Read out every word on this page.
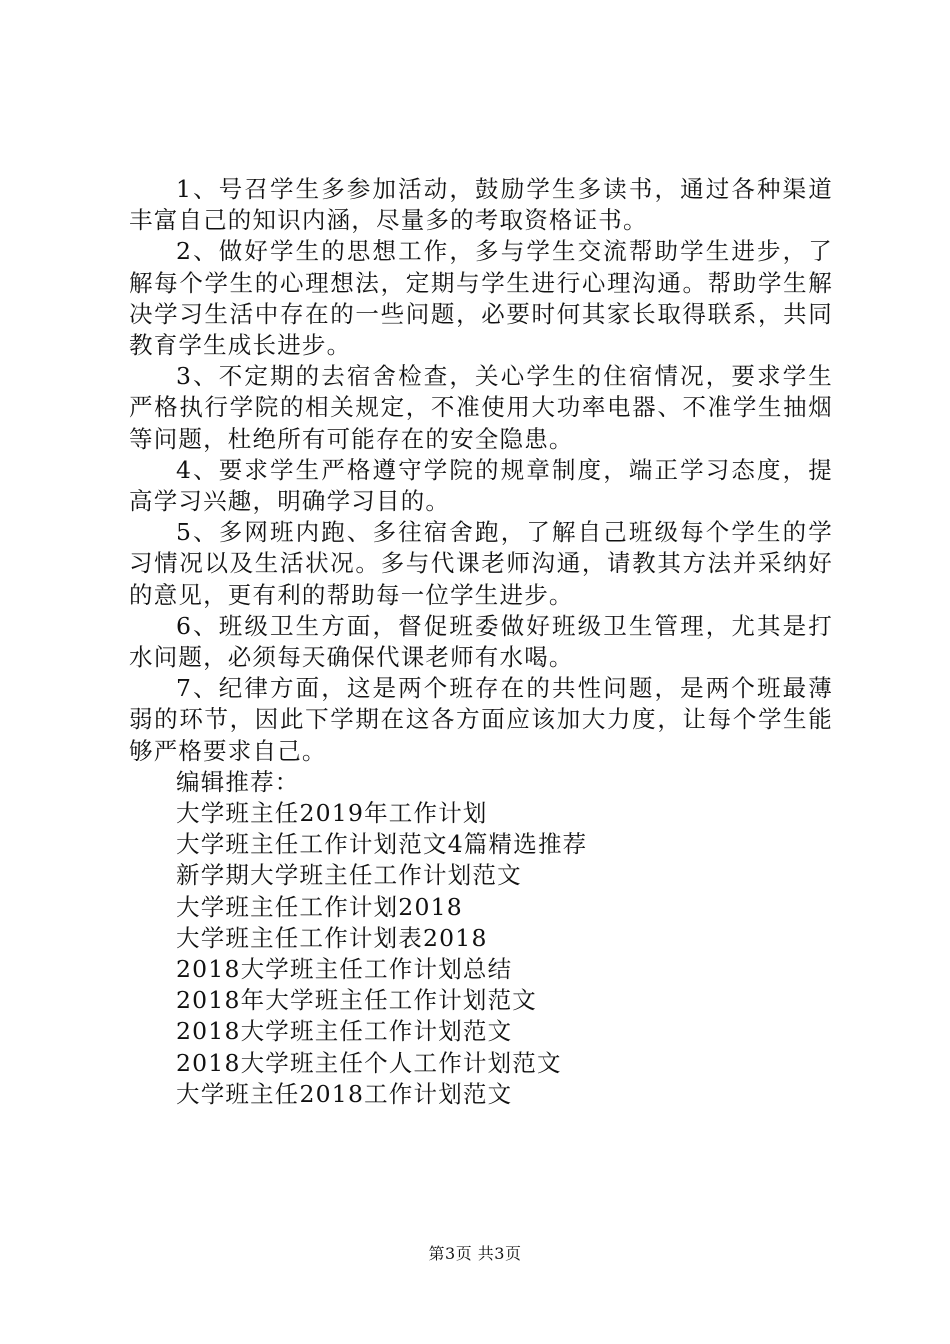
1、号召学生多参加活动，鼓励学生多读书，通过各种渠道丰富自己的知识内涵，尽量多的考取资格证书。

2、做好学生的思想工作，多与学生交流帮助学生进步，了解每个学生的心理想法，定期与学生进行心理沟通。帮助学生解决学习生活中存在的一些问题，必要时何其家长取得联系，共同教育学生成长进步。

3、不定期的去宿舍检查，关心学生的住宿情况，要求学生严格执行学院的相关规定，不准使用大功率电器、不准学生抽烟等问题，杜绝所有可能存在的安全隐患。

4、要求学生严格遵守学院的规章制度，端正学习态度，提高学习兴趣，明确学习目的。

5、多网班内跑、多往宿舍跑，了解自己班级每个学生的学习情况以及生活状况。多与代课老师沟通，请教其方法并采纳好的意见，更有利的帮助每一位学生进步。

6、班级卫生方面，督促班委做好班级卫生管理，尤其是打水问题，必须每天确保代课老师有水喝。

7、纪律方面，这是两个班存在的共性问题，是两个班最薄弱的环节，因此下学期在这各方面应该加大力度，让每个学生能够严格要求自己。

编辑推荐：

大学班主任2019年工作计划
大学班主任工作计划范文4篇精选推荐
新学期大学班主任工作计划范文
大学班主任工作计划2018
大学班主任工作计划表2018
2018大学班主任工作计划总结
2018年大学班主任工作计划范文
2018大学班主任工作计划范文
2018大学班主任个人工作计划范文
大学班主任2018工作计划范文
第3页 共3页
